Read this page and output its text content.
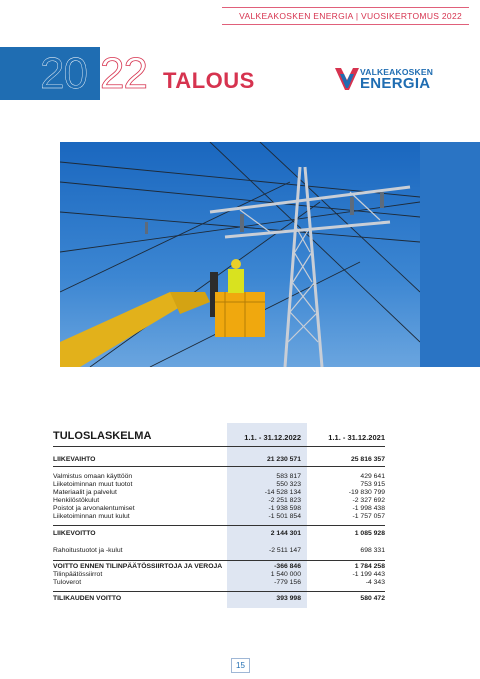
VALKEAKOSKEN ENERGIA | VUOSIKERTOMUS 2022
20 22 TALOUS	VALKEAKOSKEN
ENERGIA
TULOSLASKELMA	1.1. - 31.12.2022	1.1. - 31.12.2021
LIIKEVAIHTO	21 230 571	25 816 357
Valmistus omaan käyttöön	583 817	429 641
Liiketoiminnan muut tuotot	550 323	753 915
Materiaalit ja palvelut	-14 528 134	-19 830 799
Henkilöstökulut	-2 251 823	-2 327 692
Poistot ja arvonalentumiset	-1 938 598	-1 998 438
Liiketoiminnan muut kulut	-1 501 854	-1 757 057
LIIKEVOITTO	2 144 301	1 085 928
Rahoitustuotot ja -kulut	-2 511 147	698 331
VOITTO ENNEN TILINPÄÄTÖSSIIRTOJA JA VEROJA	-366 846	1 784 258
Tilinpäätössiirrot	1 540 000	-1 199 443
Tuloverot	-779 156	-4 343
TILIKAUDEN VOITTO	393 998	580 472
15
